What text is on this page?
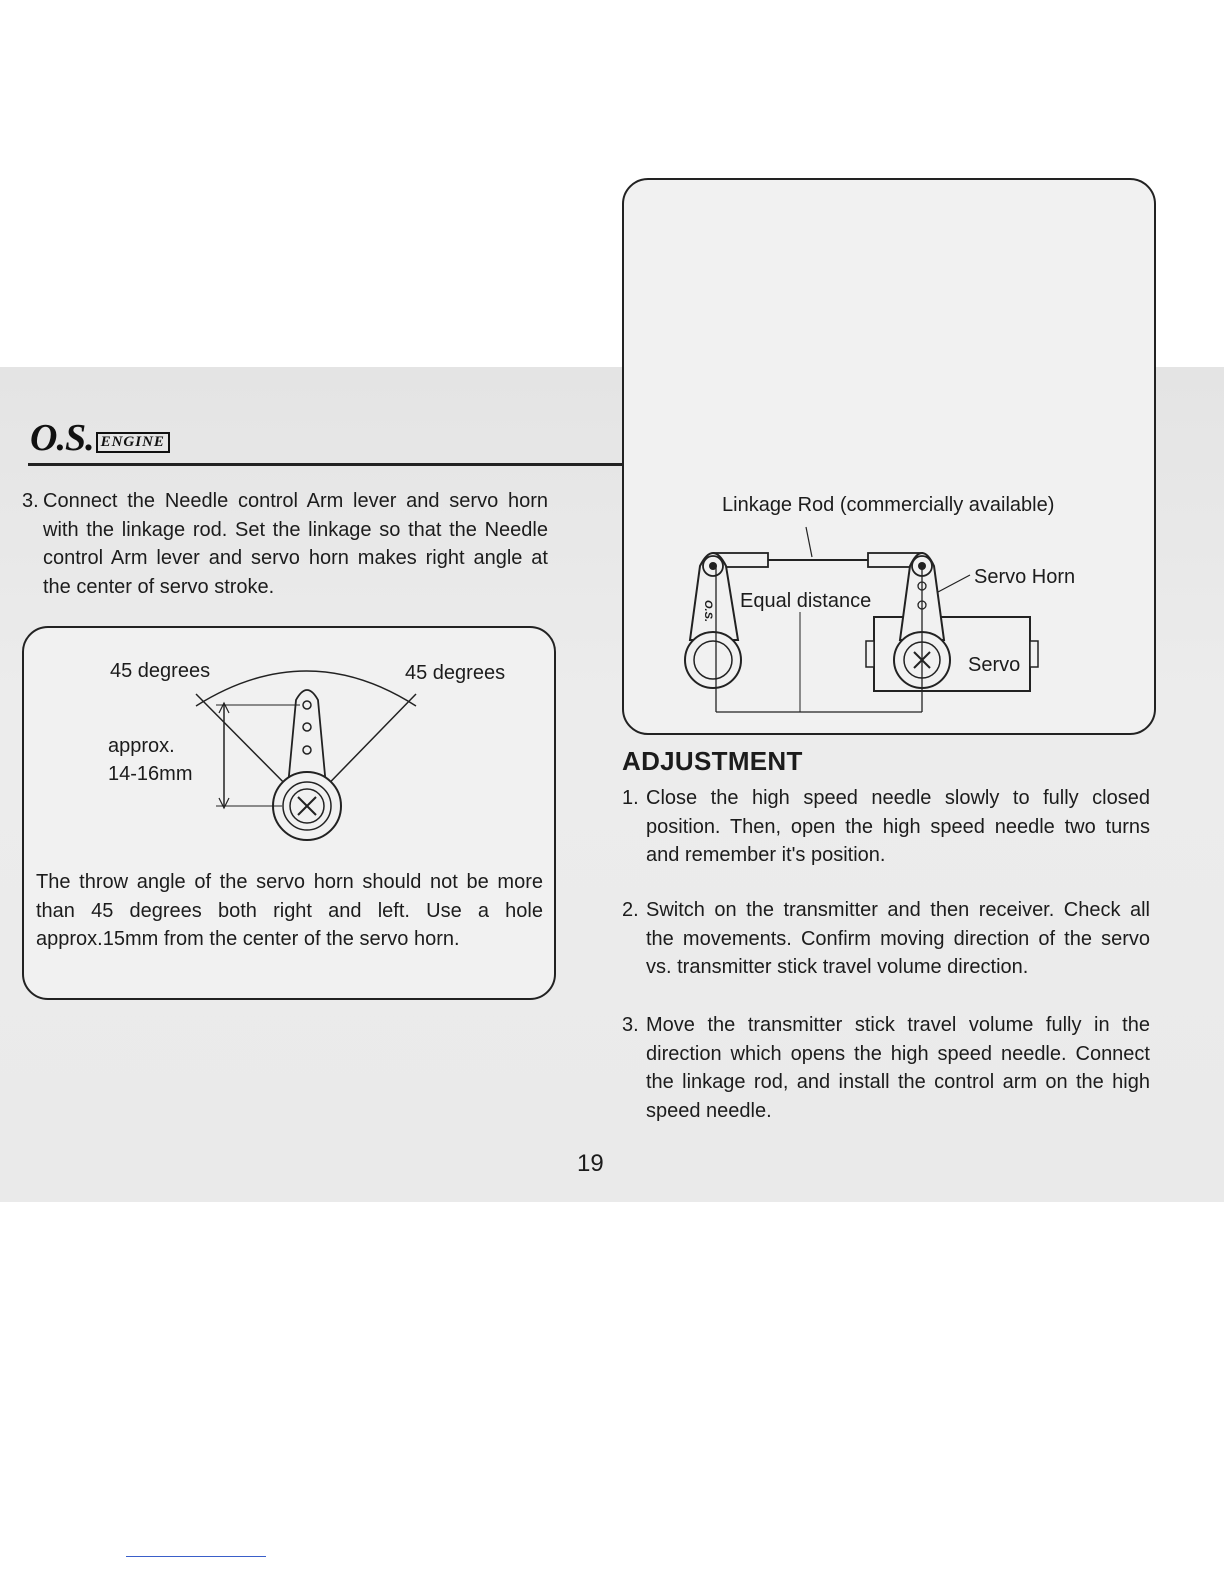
O.S. ENGINE
3. Connect the Needle control Arm lever and servo horn with the linkage rod. Set the linkage so that the Needle control Arm lever and servo horn makes right angle at the center of servo stroke.
45 degrees	45 degrees
approx.
14-16mm
The throw angle of the servo horn should not be more than 45 degrees both right and left. Use a hole approx.15mm from the center of the servo horn.
O.S.
Linkage Rod (commercially available)
Servo Horn
Equal distance
Servo
ADJUSTMENT
1. Close the high speed needle slowly to fully closed position. Then, open the high speed needle two turns and remember it's position.
2. Switch on the transmitter and then receiver. Check all the movements. Confirm moving direction of the servo vs. transmitter stick travel volume direction.
3. Move the transmitter stick travel volume fully in the direction which opens the high speed needle. Connect the linkage rod, and install the control arm on the high speed needle.
19
